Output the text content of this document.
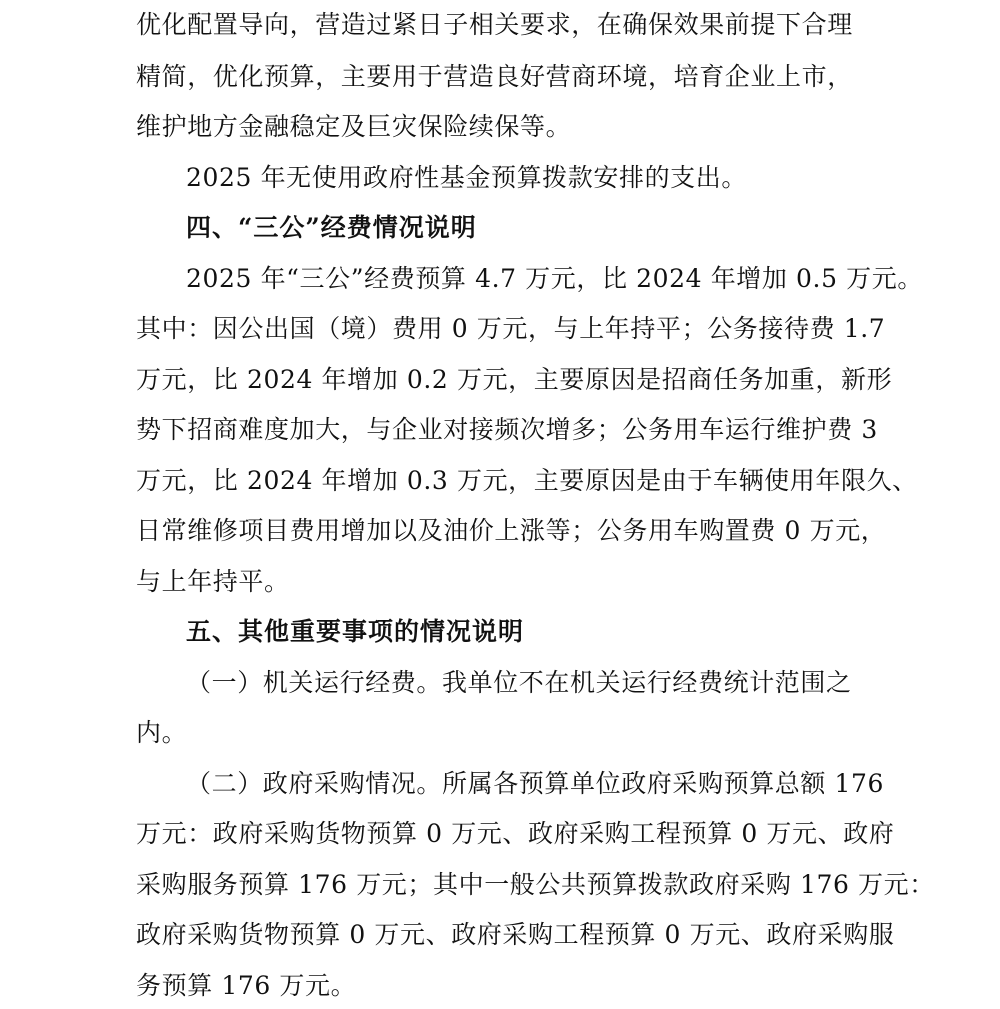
优化配置导向，营造过紧日子相关要求，在确保效果前提下合理
精简，优化预算，主要用于营造良好营商环境，培育企业上市，
维护地方金融稳定及巨灾保险续保等。
2025 年无使用政府性基金预算拨款安排的支出。
四、“三公”经费情况说明
2025 年“三公”经费预算 4.7 万元，比 2024 年增加 0.5 万元。
其中：因公出国（境）费用 0 万元，与上年持平；公务接待费 1.7
万元，比 2024 年增加 0.2 万元，主要原因是招商任务加重，新形
势下招商难度加大，与企业对接频次增多；公务用车运行维护费 3
万元，比 2024 年增加 0.3 万元，主要原因是由于车辆使用年限久、
日常维修项目费用增加以及油价上涨等；公务用车购置费 0 万元，
与上年持平。
五、其他重要事项的情况说明
（一）机关运行经费。我单位不在机关运行经费统计范围之
内。
（二）政府采购情况。所属各预算单位政府采购预算总额 176
万元：政府采购货物预算 0 万元、政府采购工程预算 0 万元、政府
采购服务预算 176 万元；其中一般公共预算拨款政府采购 176 万元：
政府采购货物预算 0 万元、政府采购工程预算 0 万元、政府采购服
务预算 176 万元。
